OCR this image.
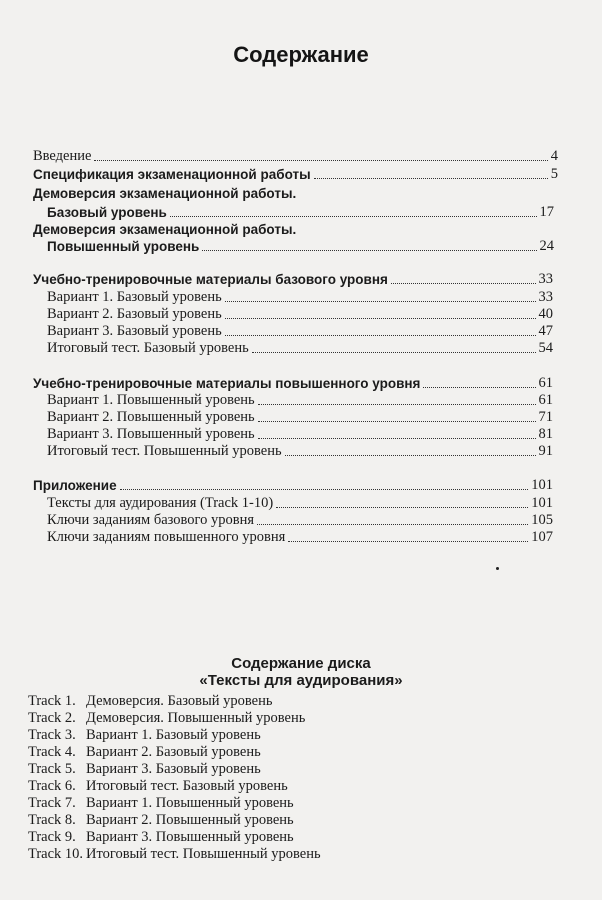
Содержание
Введение	4
Спецификация экзаменационной работы	5
Демоверсия экзаменационной работы.
Базовый уровень	17
Демоверсия экзаменационной работы.
Повышенный уровень	24
Учебно-тренировочные материалы базового уровня	33
Вариант 1. Базовый уровень	33
Вариант 2. Базовый уровень	40
Вариант 3. Базовый уровень	47
Итоговый тест. Базовый уровень	54
Учебно-тренировочные материалы повышенного уровня	61
Вариант 1. Повышенный уровень	61
Вариант 2. Повышенный уровень	71
Вариант 3. Повышенный уровень	81
Итоговый тест. Повышенный уровень	91
Приложение	101
Тексты для аудирования (Track 1-10)	101
Ключи заданиям базового уровня	105
Ключи заданиям повышенного уровня	107
Содержание диска
«Тексты для аудирования»
Track 1. Демоверсия. Базовый уровень
Track 2. Демоверсия. Повышенный уровень
Track 3. Вариант 1. Базовый уровень
Track 4. Вариант 2. Базовый уровень
Track 5. Вариант 3. Базовый уровень
Track 6. Итоговый тест. Базовый уровень
Track 7. Вариант 1. Повышенный уровень
Track 8. Вариант 2. Повышенный уровень
Track 9. Вариант 3. Повышенный уровень
Track 10. Итоговый тест. Повышенный уровень
